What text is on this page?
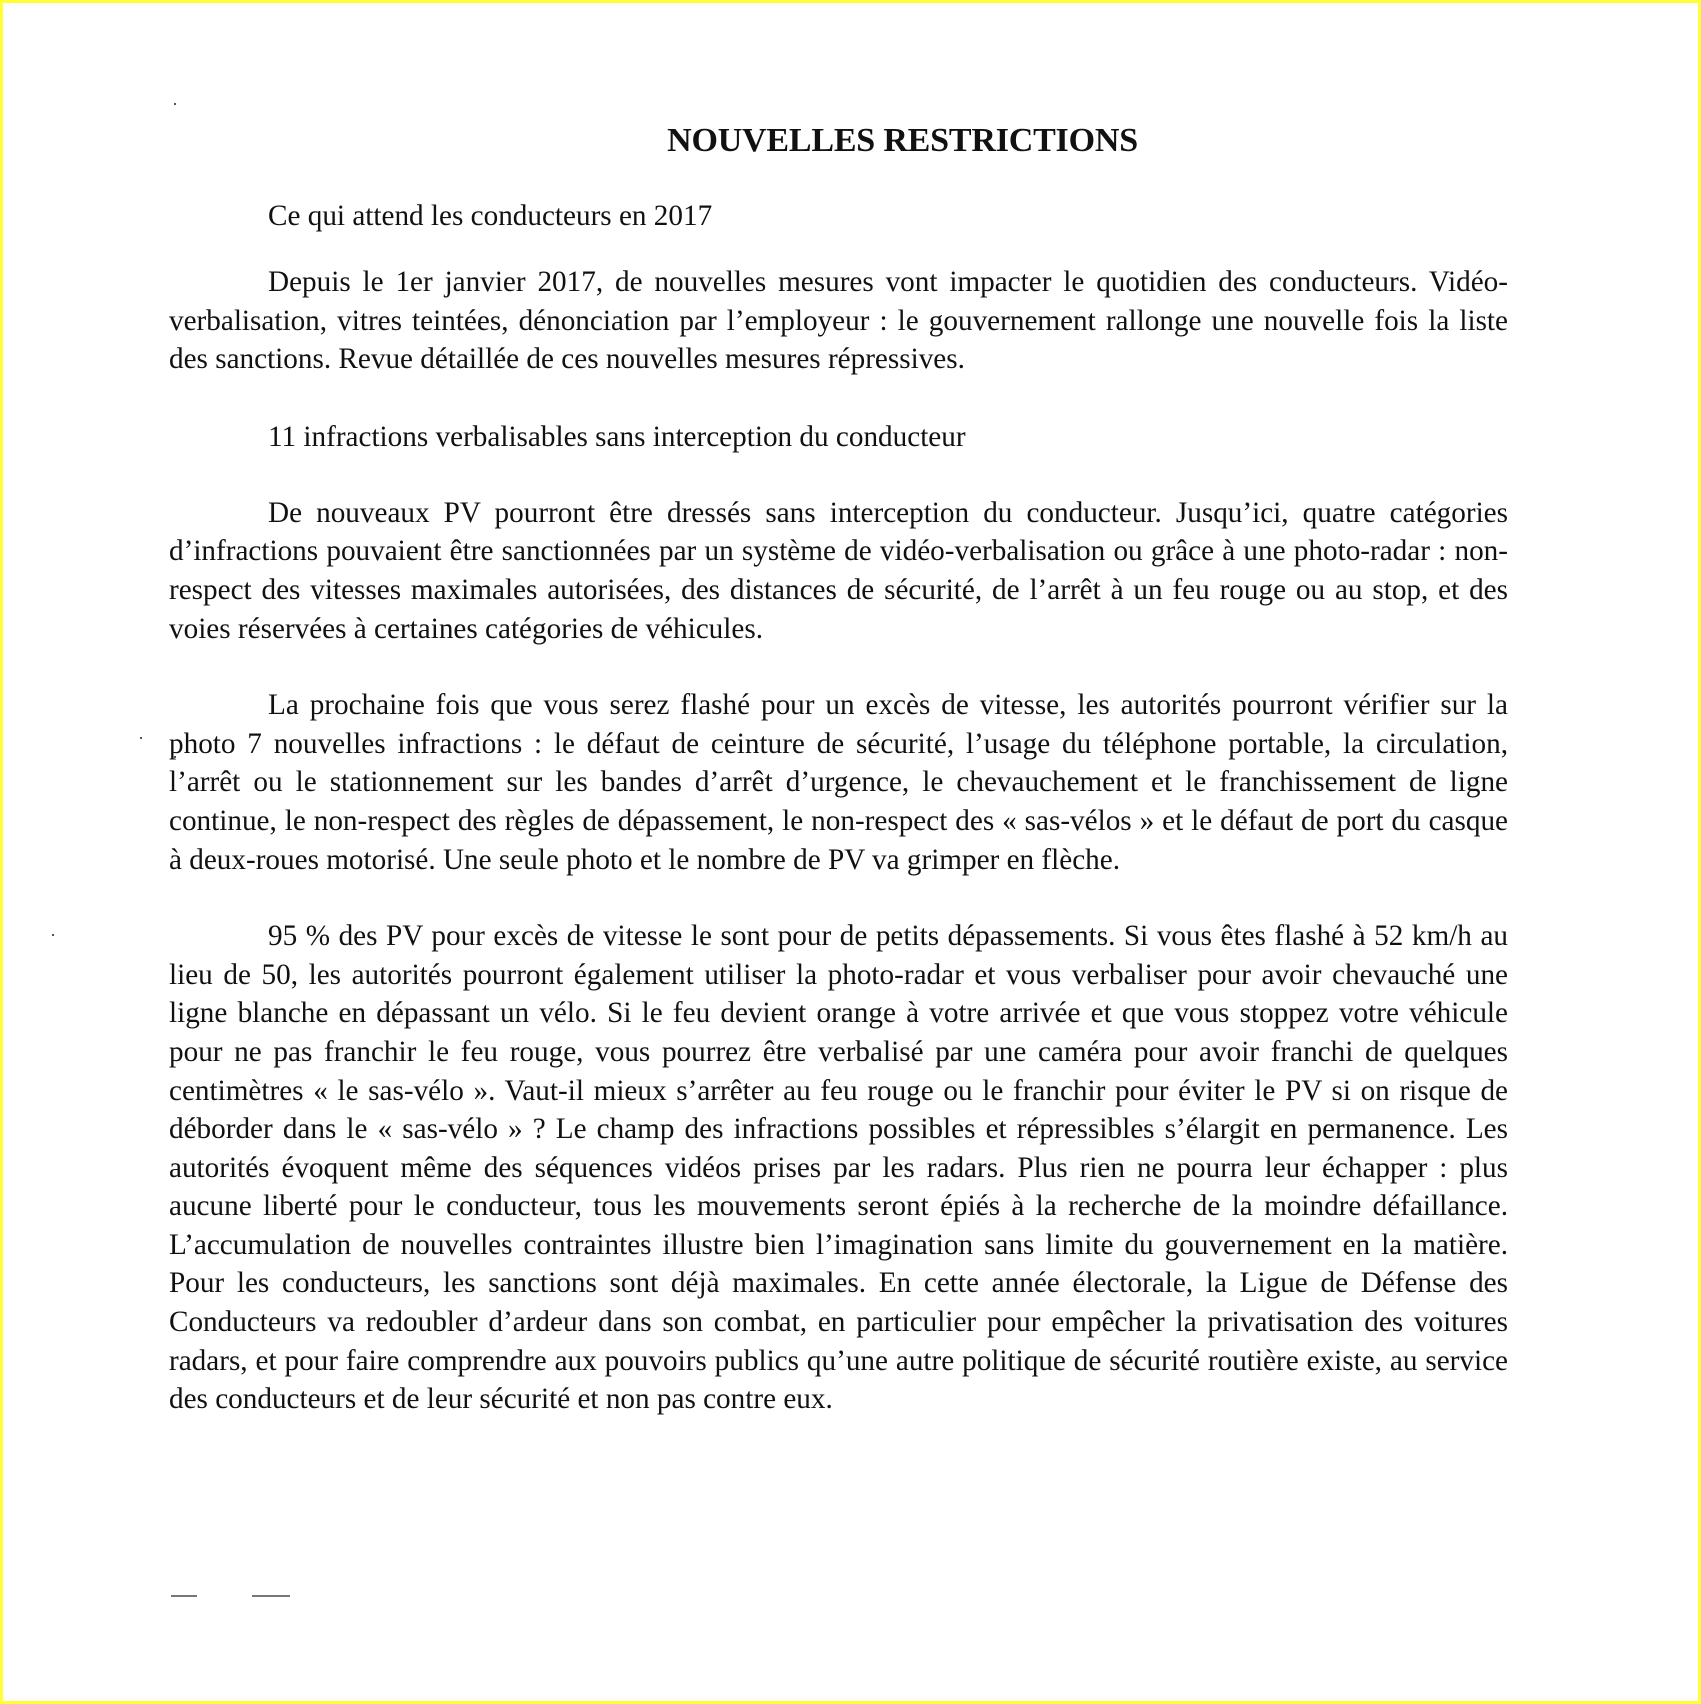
NOUVELLES RESTRICTIONS

Ce qui attend les conducteurs en 2017

Depuis le 1er janvier 2017, de nouvelles mesures vont impacter le quotidien des conducteurs. Vidéo-verbalisation, vitres teintées, dénonciation par l’employeur : le gouvernement rallonge une nouvelle fois la liste des sanctions. Revue détaillée de ces nouvelles mesures répressives.

11 infractions verbalisables sans interception du conducteur

De nouveaux PV pourront être dressés sans interception du conducteur. Jusqu’ici, quatre catégories d’infractions pouvaient être sanctionnées par un système de vidéo-verbalisation ou grâce à une photo-radar : non-respect des vitesses maximales autorisées, des distances de sécurité, de l’arrêt à un feu rouge ou au stop, et des voies réservées à certaines catégories de véhicules.

La prochaine fois que vous serez flashé pour un excès de vitesse, les autorités pourront vérifier sur la photo 7 nouvelles infractions : le défaut de ceinture de sécurité, l’usage du téléphone portable, la circulation, l’arrêt ou le stationnement sur les bandes d’arrêt d’urgence, le chevauchement et le franchissement de ligne continue, le non-respect des règles de dépassement, le non-respect des « sas-vélos » et le défaut de port du casque à deux-roues motorisé. Une seule photo et le nombre de PV va grimper en flèche.

95 % des PV pour excès de vitesse le sont pour de petits dépassements. Si vous êtes flashé à 52 km/h au lieu de 50, les autorités pourront également utiliser la photo-radar et vous verbaliser pour avoir chevauché une ligne blanche en dépassant un vélo. Si le feu devient orange à votre arrivée et que vous stoppez votre véhicule pour ne pas franchir le feu rouge, vous pourrez être verbalisé par une caméra pour avoir franchi de quelques centimètres « le sas-vélo ». Vaut-il mieux s’arrêter au feu rouge ou le franchir pour éviter le PV si on risque de déborder dans le « sas-vélo » ? Le champ des infractions possibles et répressibles s’élargit en permanence. Les autorités évoquent même des séquences vidéos prises par les radars. Plus rien ne pourra leur échapper : plus aucune liberté pour le conducteur, tous les mouvements seront épiés à la recherche de la moindre défaillance. L’accumulation de nouvelles contraintes illustre bien l’imagination sans limite du gouvernement en la matière. Pour les conducteurs, les sanctions sont déjà maximales. En cette année électorale, la Ligue de Défense des Conducteurs va redoubler d’ardeur dans son combat, en particulier pour empêcher la privatisation des voitures radars, et pour faire comprendre aux pouvoirs publics qu’une autre politique de sécurité routière existe, au service des conducteurs et de leur sécurité et non pas contre eux.
